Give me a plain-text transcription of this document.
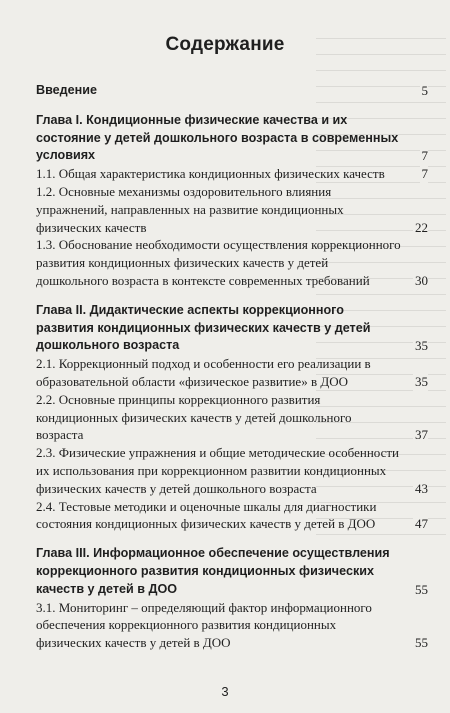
Содержание
Введение	5
Глава I. Кондиционные физические качества и их состояние у детей дошкольного возраста в современных условиях	7
1.1. Общая характеристика кондиционных физических качеств	7
1.2. Основные механизмы оздоровительного влияния упражнений, направленных на развитие кондиционных физических качеств	22
1.3. Обоснование необходимости осуществления коррекционного развития кондиционных физических качеств у детей дошкольного возраста в контексте современных требований	30
Глава II. Дидактические аспекты коррекционного развития кондиционных физических качеств у детей дошкольного возраста	35
2.1. Коррекционный подход и особенности его реализации в образовательной области «физическое развитие» в ДОО	35
2.2. Основные принципы коррекционного развития кондиционных физических качеств у детей дошкольного возраста	37
2.3. Физические упражнения и общие методические особенности их использования при коррекционном развитии кондиционных физических качеств у детей дошкольного возраста	43
2.4. Тестовые методики и оценочные шкалы для диагностики состояния кондиционных физических качеств у детей в ДОО	47
Глава III. Информационное обеспечение осуществления коррекционного развития кондиционных физических качеств у детей в ДОО	55
3.1. Мониторинг – определяющий фактор информационного обеспечения коррекционного развития кондиционных физических качеств у детей в ДОО	55
3
